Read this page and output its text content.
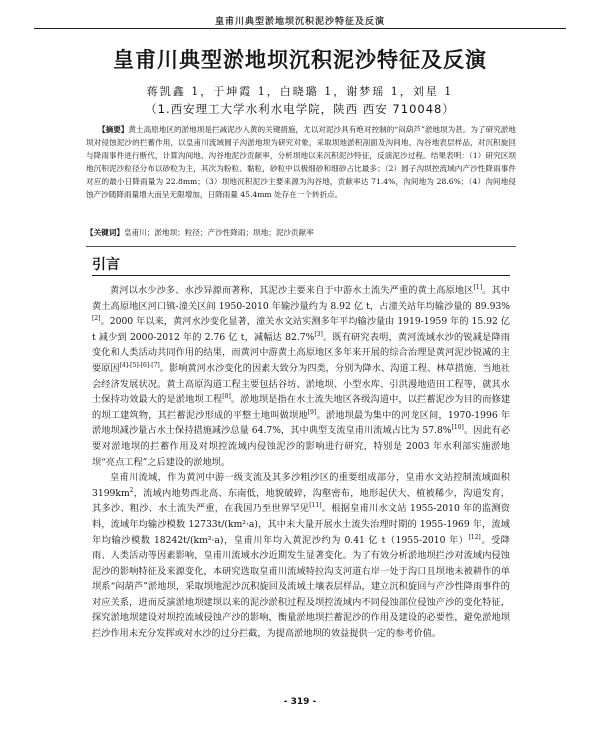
皇甫川典型淤地坝沉积泥沙特征及反演
皇甫川典型淤地坝沉积泥沙特征及反演
蒋凯鑫 1，于坤霞 1，白晓璐 1，谢梦瑶 1，刘星 1
（1.西安理工大学水利水电学院，陕西 西安 710048）

【摘要】黄土高原地区的淤地坝是拦减泥沙入黄的关键措施，尤以对泥沙具有绝对控制的“闷葫芦”淤地坝为甚。为了研究淤地坝对侵蚀泥沙的拦蓄作用，以皇甫川流域圆子沟淤地坝为研究对象，采取坝地淤积剖面及沟间地、沟谷地表层样品，对沉积旋回与降雨事件进行断代，计算沟间地、沟谷地泥沙贡献率，分析坝地以来沉积泥沙特征，反演泥沙过程。结果表明：（1）研究区坝地沉积泥沙粒径分布以砂粒为主，其次为粉粒、黏粒，砂粒中以极细砂和细砂占比最多；（2）圆子沟坝控流域内产沙性降雨事件对应的最小日降雨量为 22.8mm；（3）坝地沉积泥沙主要来源为沟谷地，贡献率达 71.4%，沟间地为 28.6%；（4）沟间地侵蚀产沙随降雨量增大而呈无限增加，日降雨量 45.4mm 处存在一个转折点。

【关键词】皇甫川；淤地坝；粒径；产沙性降雨；坝地；泥沙贡献率

引言

黄河以水少沙多、水沙异源而著称，其泥沙主要来自于中游水土流失严重的黄土高原地区[1]。其中黄土高原地区河口镇-潼关区间 1950-2010 年输沙量约为 8.92 亿 t，占潼关站年均输沙量的 89.93%[2]。2000 年以来，黄河水沙变化显著，潼关水文站实测多年平均输沙量由 1919-1959 年的 15.92 亿 t 减少到 2000-2012 年的 2.76 亿 t，减幅达 82.7%[3]。既有研究表明，黄河流域水沙的锐减是降雨变化和人类活动共同作用的结果，而黄河中游黄土高原地区多年来开展的综合治理是黄河泥沙锐减的主要原因[4]-[5]-[6]-[7]。影响黄河水沙变化的因素大致分为四类，分别为降水、沟道工程、林草措施、当地社会经济发展状况。黄土高原沟道工程主要包括谷坊、淤地坝、小型水库、引洪漫地造田工程等，就其水土保持功效最大的是淤地坝工程[8]。淤地坝是指在水土流失地区各级沟道中，以拦蓄泥沙为目的而修建的坝工建筑物，其拦蓄泥沙形成的平整土地叫做坝地[9]。淤地坝最为集中的河龙区间，1970-1996 年淤地坝减沙量占水土保持措施减沙总量 64.7%，其中典型支流皇甫川流域占比为 57.8%[10]。因此有必要对淤地坝的拦蓄作用及对坝控流域内侵蚀泥沙的影响进行研究，特别是 2003 年水利部实施淤地坝“亮点工程”之后建设的淤地坝。

皇甫川流域，作为黄河中游一级支流及其多沙粗沙区的重要组成部分，皇甫水文站控制流域面积 $3199km^2$，流域内地势西北高、东南低，地貌破碎，沟壑密布，地形起伏大、植被稀少，沟道发育，其多沙、粗沙、水土流失严重，在我国乃至世界罕见[11]。根据皇甫川水文站 1955-2010 年的监测资料，流域年均输沙模数 12733t/(km²·a)，其中未大量开展水土流失治理时期的 1955-1969 年，流域年均输沙模数 18242t/(km²·a)，皇甫川年均入黄泥沙约为 0.41 亿 t（1955-2010 年）[12]。受降雨、人类活动等因素影响，皇甫川流域水沙近期发生显著变化。为了有效分析淤地坝拦沙对流域内侵蚀泥沙的影响特征及来源变化，本研究选取皇甫川流域特拉沟支河道右岸一处于沟口且坝地未被耕作的单坝系“闷葫芦”淤地坝，采取坝地泥沙沉积旋回及流域土壤表层样品，建立沉积旋回与产沙性降雨事件的对应关系，进而反演淤地坝建坝以来的泥沙淤积过程及坝控流域内不同侵蚀部位侵蚀产沙的变化特征，探究淤地坝建设对坝控流域侵蚀产沙的影响，衡量淤地坝拦蓄泥沙的作用及建设的必要性，避免淤地坝拦沙作用未充分发挥或对水沙的过分拦截，为提高淤地坝的效益提供一定的参考价值。

- 319 -
